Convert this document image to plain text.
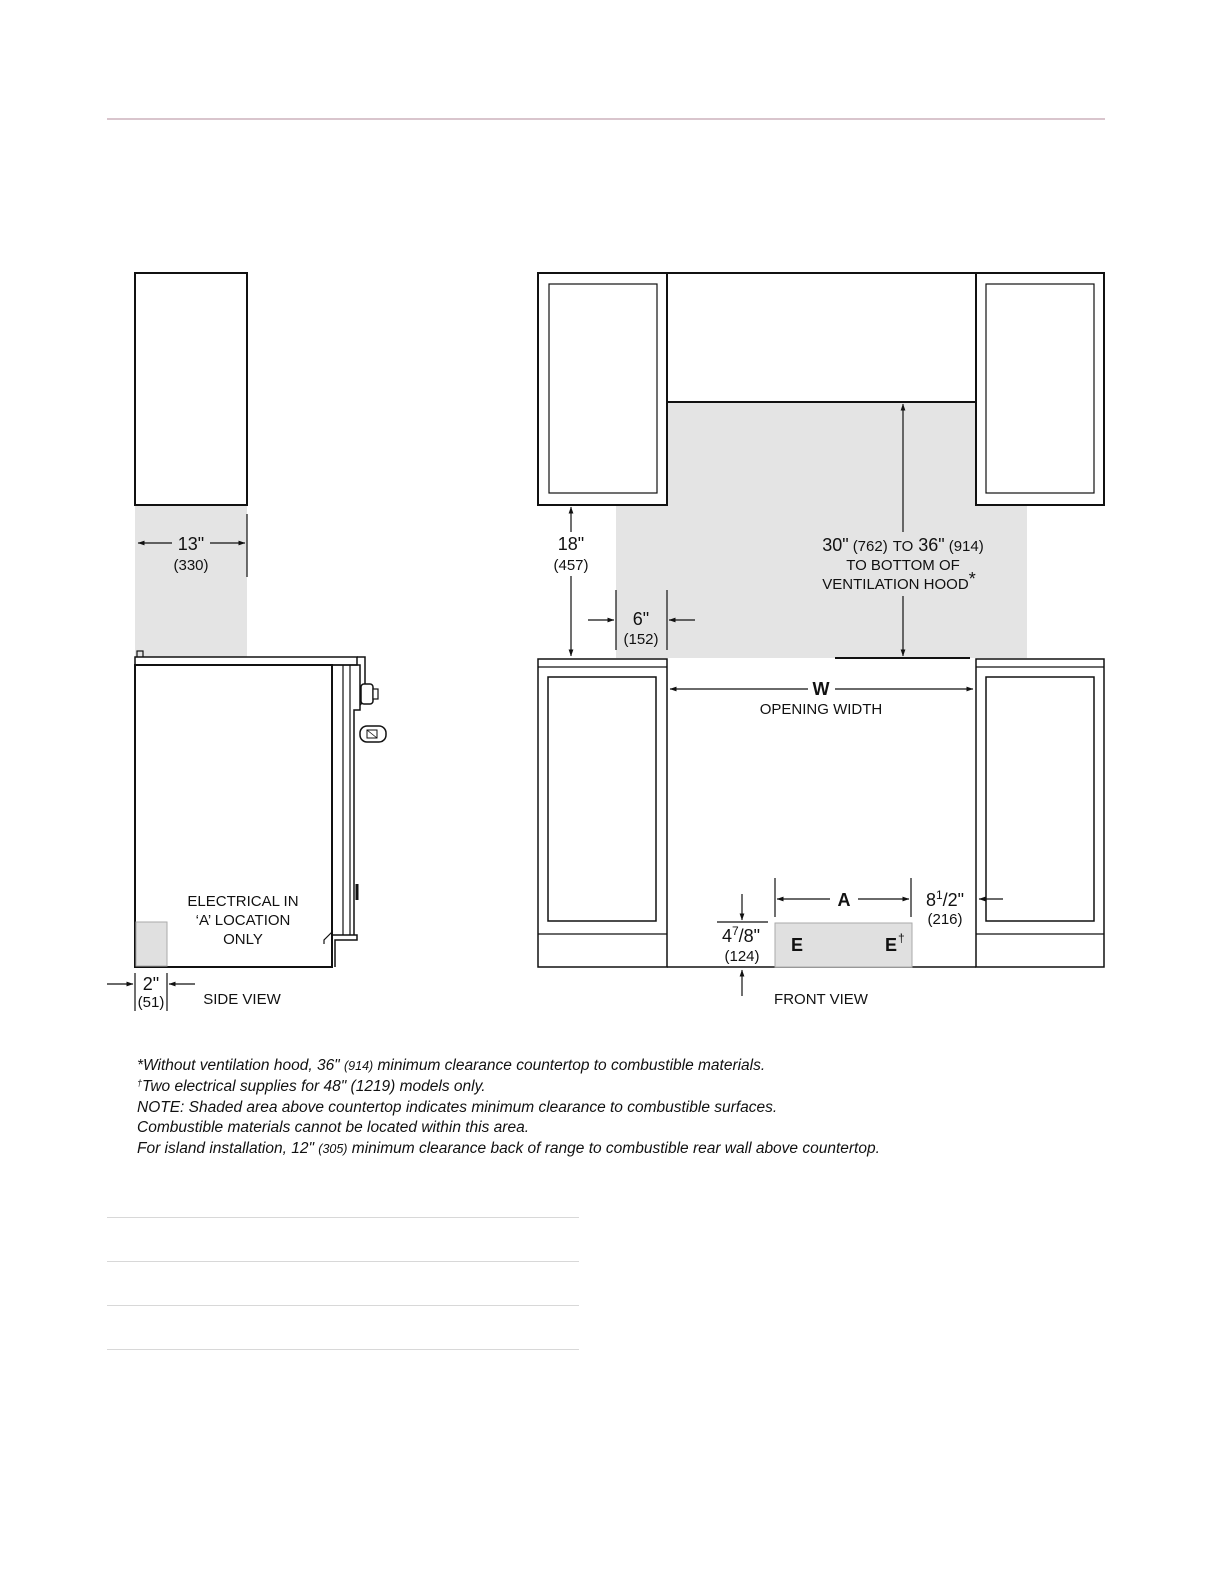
13"
(330)
ELECTRICAL IN
‘A’ LOCATION
ONLY
2"
(51)	SIDE VIEW
E	E †
18"
(457)
6"
(152)
30" (762) TO 36" (914)
TO BOTTOM OF
VENTILATION HOOD*
W
OPENING WIDTH
A	$8^1/2$"
(216)
$4^7/8$"
(124)
FRONT VIEW
*Without ventilation hood, 36" (914) minimum clearance countertop to combustible materials.
†Two electrical supplies for 48" (1219) models only.
NOTE: Shaded area above countertop indicates minimum clearance to combustible surfaces.
Combustible materials cannot be located within this area.
For island installation, 12" (305) minimum clearance back of range to combustible rear wall above countertop.
